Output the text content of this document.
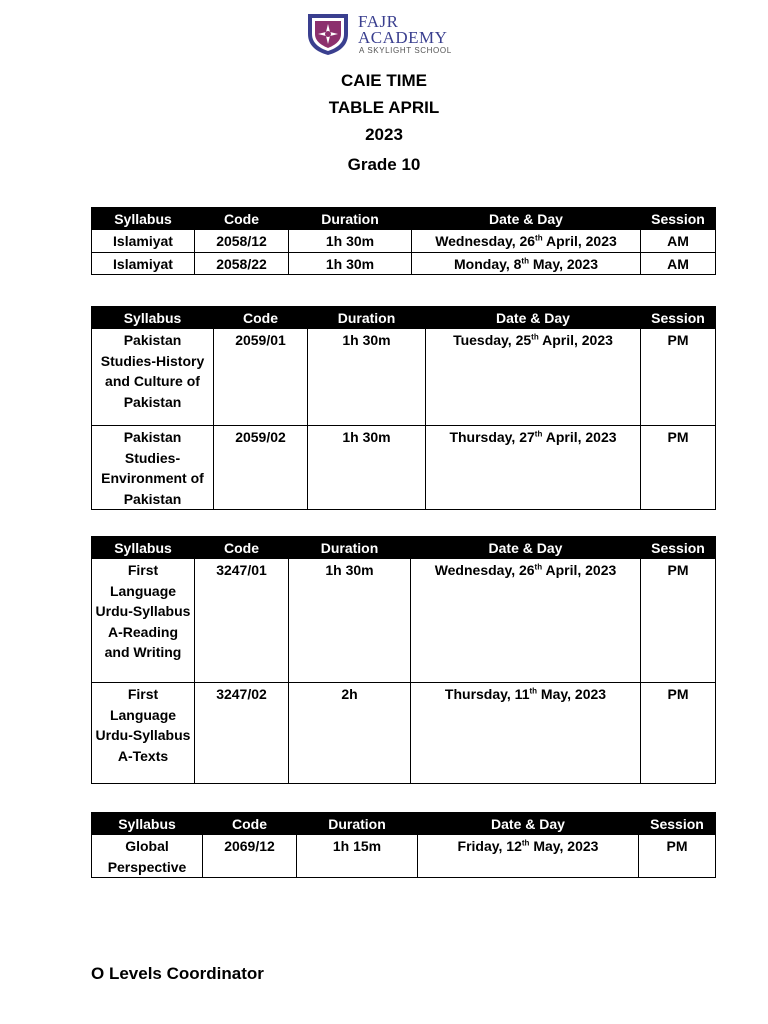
FAJR
ACADEMY
A SKYLIGHT SCHOOL
CAIE TIME
TABLE APRIL
2023
Grade 10
Syllabus	Code	Duration	Date & Day	Session
Islamiyat	2058/12	1h 30m	Wednesday, 26th April, 2023	AM
Islamiyat	2058/22	1h 30m	Monday, 8th May, 2023	AM
Syllabus	Code	Duration	Date & Day	Session
Pakistan Studies-History and Culture of Pakistan	2059/01	1h 30m	Tuesday, 25th April, 2023	PM
Pakistan Studies-Environment of Pakistan	2059/02	1h 30m	Thursday, 27th April, 2023	PM
Syllabus	Code	Duration	Date & Day	Session
First Language Urdu-Syllabus A-Reading and Writing	3247/01	1h 30m	Wednesday, 26th April, 2023	PM
First Language Urdu-Syllabus A-Texts	3247/02	2h	Thursday, 11th May, 2023	PM
Syllabus	Code	Duration	Date & Day	Session
Global Perspective	2069/12	1h 15m	Friday, 12th May, 2023	PM
O Levels Coordinator
